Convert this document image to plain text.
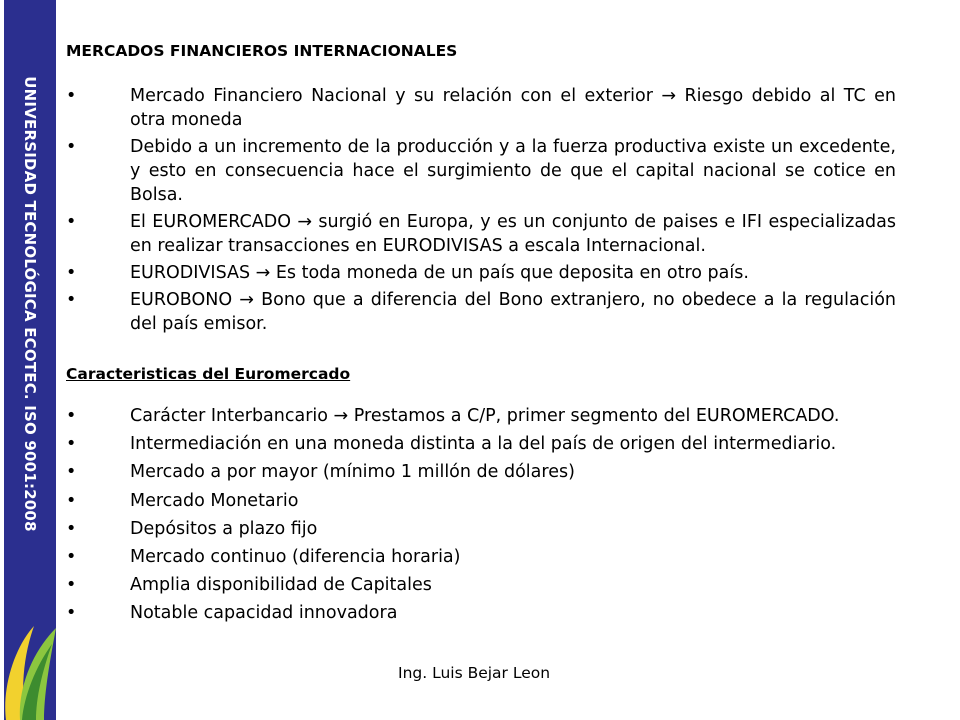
UNIVERSIDAD TECNOLÓGICA ECOTEC. ISO 9001:2008
MERCADOS FINANCIEROS INTERNACIONALES
•	Mercado Financiero Nacional y su relación con el exterior → Riesgo debido al TC en otra moneda
•	Debido a un incremento de la producción y a la fuerza productiva existe un excedente, y esto en consecuencia hace el surgimiento de que el capital nacional se cotice en Bolsa.
•	El EUROMERCADO → surgió en Europa, y es un conjunto de paises e IFI especializadas en realizar transacciones en EURODIVISAS a escala Internacional.
•	EURODIVISAS → Es toda moneda de un país que deposita en otro país.
•	EUROBONO → Bono que a diferencia del Bono extranjero, no obedece a la regulación del país emisor.
Caracteristicas del Euromercado
•	Carácter Interbancario → Prestamos a C/P, primer segmento del EUROMERCADO.
•	Intermediación en una moneda distinta a la del país de origen del intermediario.
•	Mercado a por mayor (mínimo 1 millón de dólares)
•	Mercado Monetario
•	Depósitos a plazo fijo
•	Mercado continuo (diferencia horaria)
•	Amplia disponibilidad de Capitales
•	Notable capacidad innovadora
Ing. Luis Bejar Leon
